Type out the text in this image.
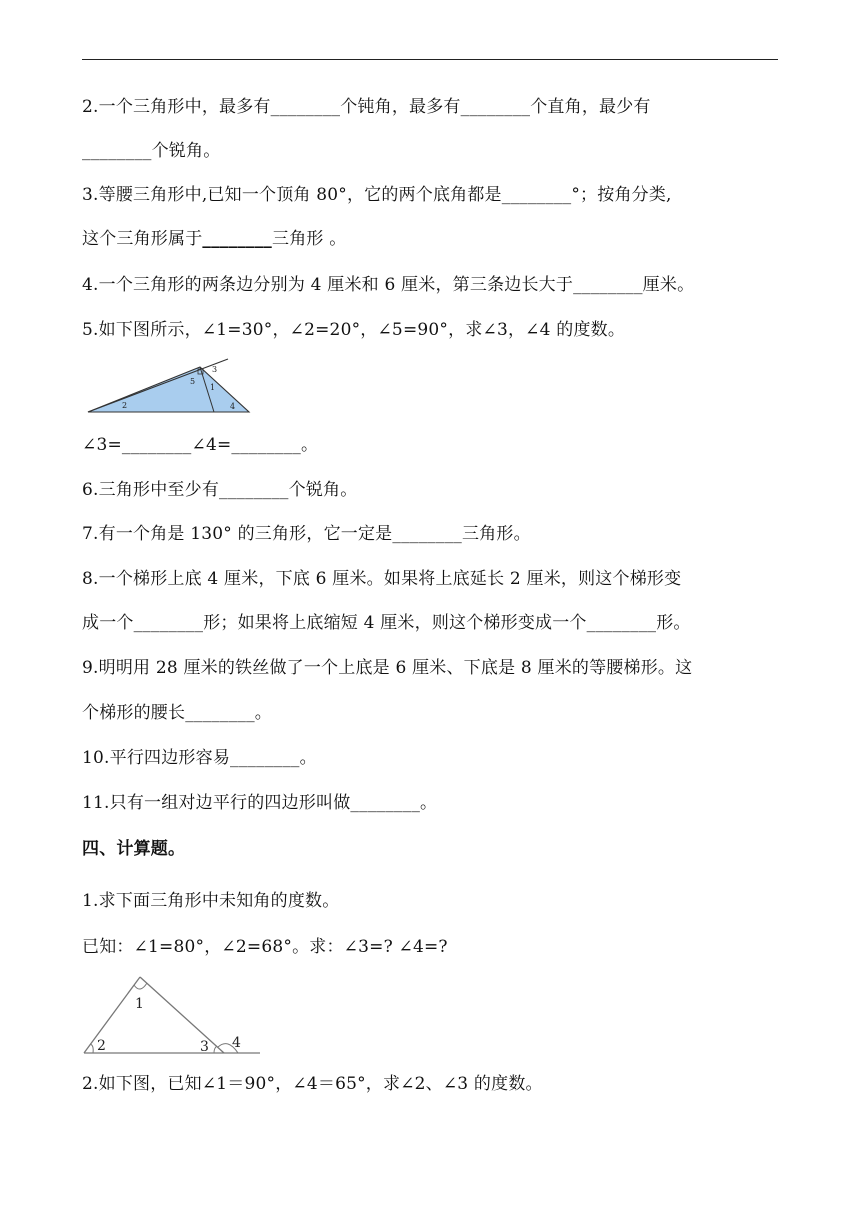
2.一个三角形中，最多有________个钝角，最多有________个直角，最少有
________个锐角。
3.等腰三角形中,已知一个顶角 80°，它的两个底角都是________°；按角分类,
这个三角形属于________三角形 。
4.一个三角形的两条边分别为 4 厘米和 6 厘米，第三条边长大于________厘米。
5.如下图所示，∠1=30°，∠2=20°，∠5=90°，求∠3，∠4 的度数。
5
3
1
2	4
∠3=________∠4=________。
6.三角形中至少有________个锐角。
7.有一个角是 130° 的三角形，它一定是________三角形。
8.一个梯形上底 4 厘米，下底 6 厘米。如果将上底延长 2 厘米，则这个梯形变
成一个________形；如果将上底缩短 4 厘米，则这个梯形变成一个________形。
9.明明用 28 厘米的铁丝做了一个上底是 6 厘米、下底是 8 厘米的等腰梯形。这
个梯形的腰长________。
10.平行四边形容易________。
11.只有一组对边平行的四边形叫做________。
四、计算题。
1.求下面三角形中未知角的度数。
已知：∠1=80°，∠2=68°。求：∠3=? ∠4=?
1
2	3 4
2.如下图，已知∠1＝90°，∠4＝65°，求∠2、∠3 的度数。
